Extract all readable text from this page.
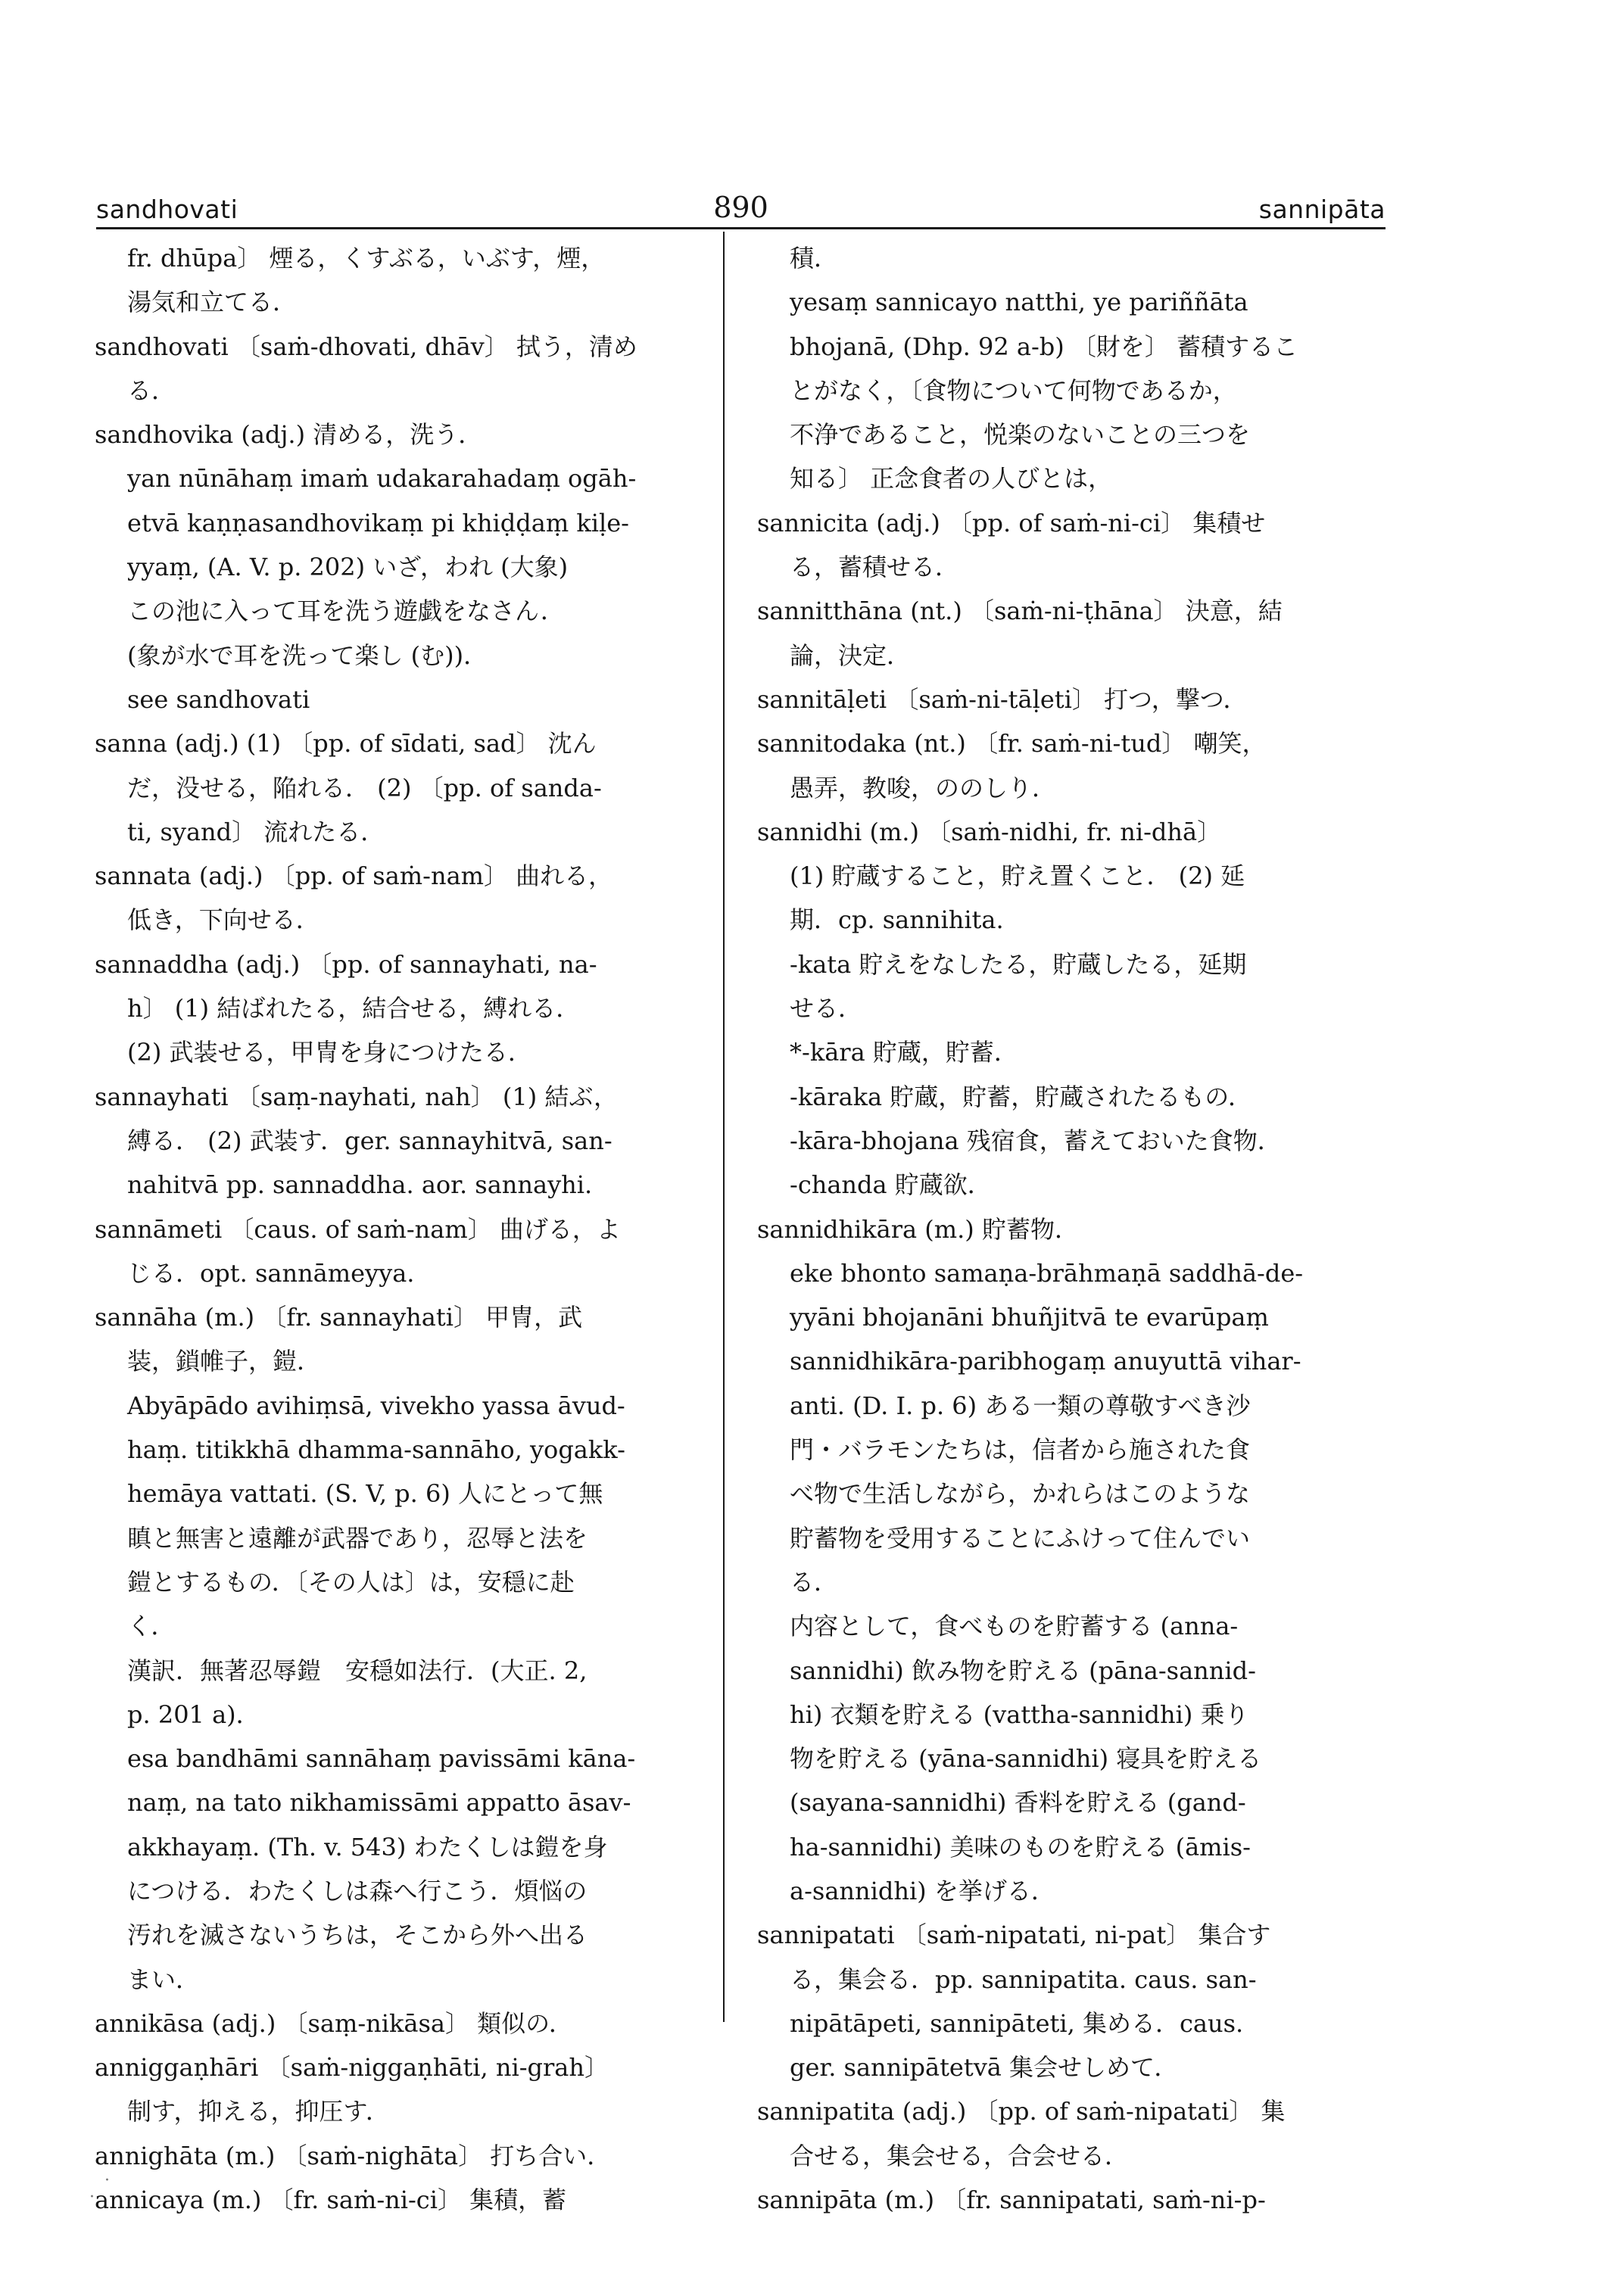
sandhovati	890	sannipāta

fr. dhūpa〕 煙る，くすぶる，いぶす，煙，

湯気和立てる．

sandhovati 〔saṁ-dhovati, dhāv〕 拭う，清め

る．

sandhovika (adj.) 清める，洗う．

yan nūnāhaṃ imaṁ udakarahadaṃ ogāh-

etvā kaṇṇasandhovikaṃ pi khiḍḍaṃ kiḷe-

yyaṃ, (A. V. p. 202) いざ，われ (大象)

この池に入って耳を洗う遊戯をなさん．

(象が水で耳を洗って楽し (む))．

see sandhovati

sanna (adj.) (1) 〔pp. of sīdati, sad〕 沈ん

だ，没せる，陥れる． (2) 〔pp. of sanda-

ti, syand〕 流れたる．

sannata (adj.) 〔pp. of saṁ-nam〕 曲れる，

低き，下向せる．

sannaddha (adj.) 〔pp. of sannayhati, na-

h〕 (1) 結ばれたる，結合せる，縛れる．

(2) 武装せる，甲冑を身につけたる．

sannayhati 〔saṃ-nayhati, nah〕 (1) 結ぶ，

縛る． (2) 武装す．ger. sannayhitvā, san-

nahitvā pp. sannaddha. aor. sannayhi.

sannāmeti 〔caus. of saṁ-nam〕 曲げる，よ

じる．opt. sannāmeyya.

sannāha (m.) 〔fr. sannayhati〕 甲冑，武

装，鎖帷子，鎧．

Abyāpādo avihiṃsā, vivekho yassa āvud-

haṃ. titikkhā dhamma-sannāho, yogakk-

hemāya vattati. (S. V, p. 6) 人にとって無

瞋と無害と遠離が武器であり，忍辱と法を

鎧とするもの．〔その人は〕は，安穏に赴

く．

漢訳．無著忍辱鎧　安穏如法行．(大正. 2,

p. 201 a)．

esa bandhāmi sannāhaṃ pavissāmi kāna-

naṃ, na tato nikhamissāmi appatto āsav-

akkhayaṃ. (Th. v. 543) わたくしは鎧を身

につける．わたくしは森へ行こう．煩悩の

汚れを滅さないうちは，そこから外へ出る

まい．

annikāsa (adj.) 〔saṃ-nikāsa〕 類似の．

anniggaṇhāri 〔saṁ-niggaṇhāti, ni-grah〕

制す，抑える，抑圧す．

annighāta (m.) 〔saṁ-nighāta〕 打ち合い．

annicaya (m.) 〔fr. saṁ-ni-ci〕 集積，蓄

積．

yesaṃ sannicayo natthi, ye pariññāta

bhojanā, (Dhp. 92 a-b) 〔財を〕 蓄積するこ

とがなく，〔食物について何物であるか，

不浄であること，悦楽のないことの三つを

知る〕 正念食者の人びとは，

sannicita (adj.) 〔pp. of saṁ-ni-ci〕 集積せ

る，蓄積せる．

sannitthāna (nt.) 〔saṁ-ni-ṭhāna〕 決意，結

論，決定．

sannitāḷeti 〔saṁ-ni-tāḷeti〕 打つ，撃つ．

sannitodaka (nt.) 〔fr. saṁ-ni-tud〕 嘲笑，

愚弄，教唆，ののしり．

sannidhi (m.) 〔saṁ-nidhi, fr. ni-dhā〕

(1) 貯蔵すること，貯え置くこと． (2) 延

期．cp. sannihita.

-kata 貯えをなしたる，貯蔵したる，延期

せる．

*-kāra 貯蔵，貯蓄．

-kāraka 貯蔵，貯蓄，貯蔵されたるもの．

-kāra-bhojana 残宿食，蓄えておいた食物．

-chanda 貯蔵欲．

sannidhikāra (m.) 貯蓄物．

eke bhonto samaṇa-brāhmaṇā saddhā-de-

yyāni bhojanāni bhuñjitvā te evarūpaṃ

sannidhikāra-paribhogaṃ anuyuttā vihar-

anti. (D. I. p. 6) ある一類の尊敬すべき沙

門・バラモンたちは，信者から施された食

べ物で生活しながら，かれらはこのような

貯蓄物を受用することにふけって住んでい

る．

内容として，食べものを貯蓄する (anna-

sannidhi) 飲み物を貯える (pāna-sannid-

hi) 衣類を貯える (vattha-sannidhi) 乗り

物を貯える (yāna-sannidhi) 寝具を貯える

(sayana-sannidhi) 香料を貯える (gand-

ha-sannidhi) 美味のものを貯える (āmis-

a-sannidhi) を挙げる．

sannipatati 〔saṁ-nipatati, ni-pat〕 集合す

る，集会る．pp. sannipatita. caus. san-

nipātāpeti, sannipāteti, 集める．caus.

ger. sannipātetvā 集会せしめて．

sannipatita (adj.) 〔pp. of saṁ-nipatati〕 集

合せる，集会せる，合会せる．

sannipāta (m.) 〔fr. sannipatati, saṁ-ni-p-

·
·
